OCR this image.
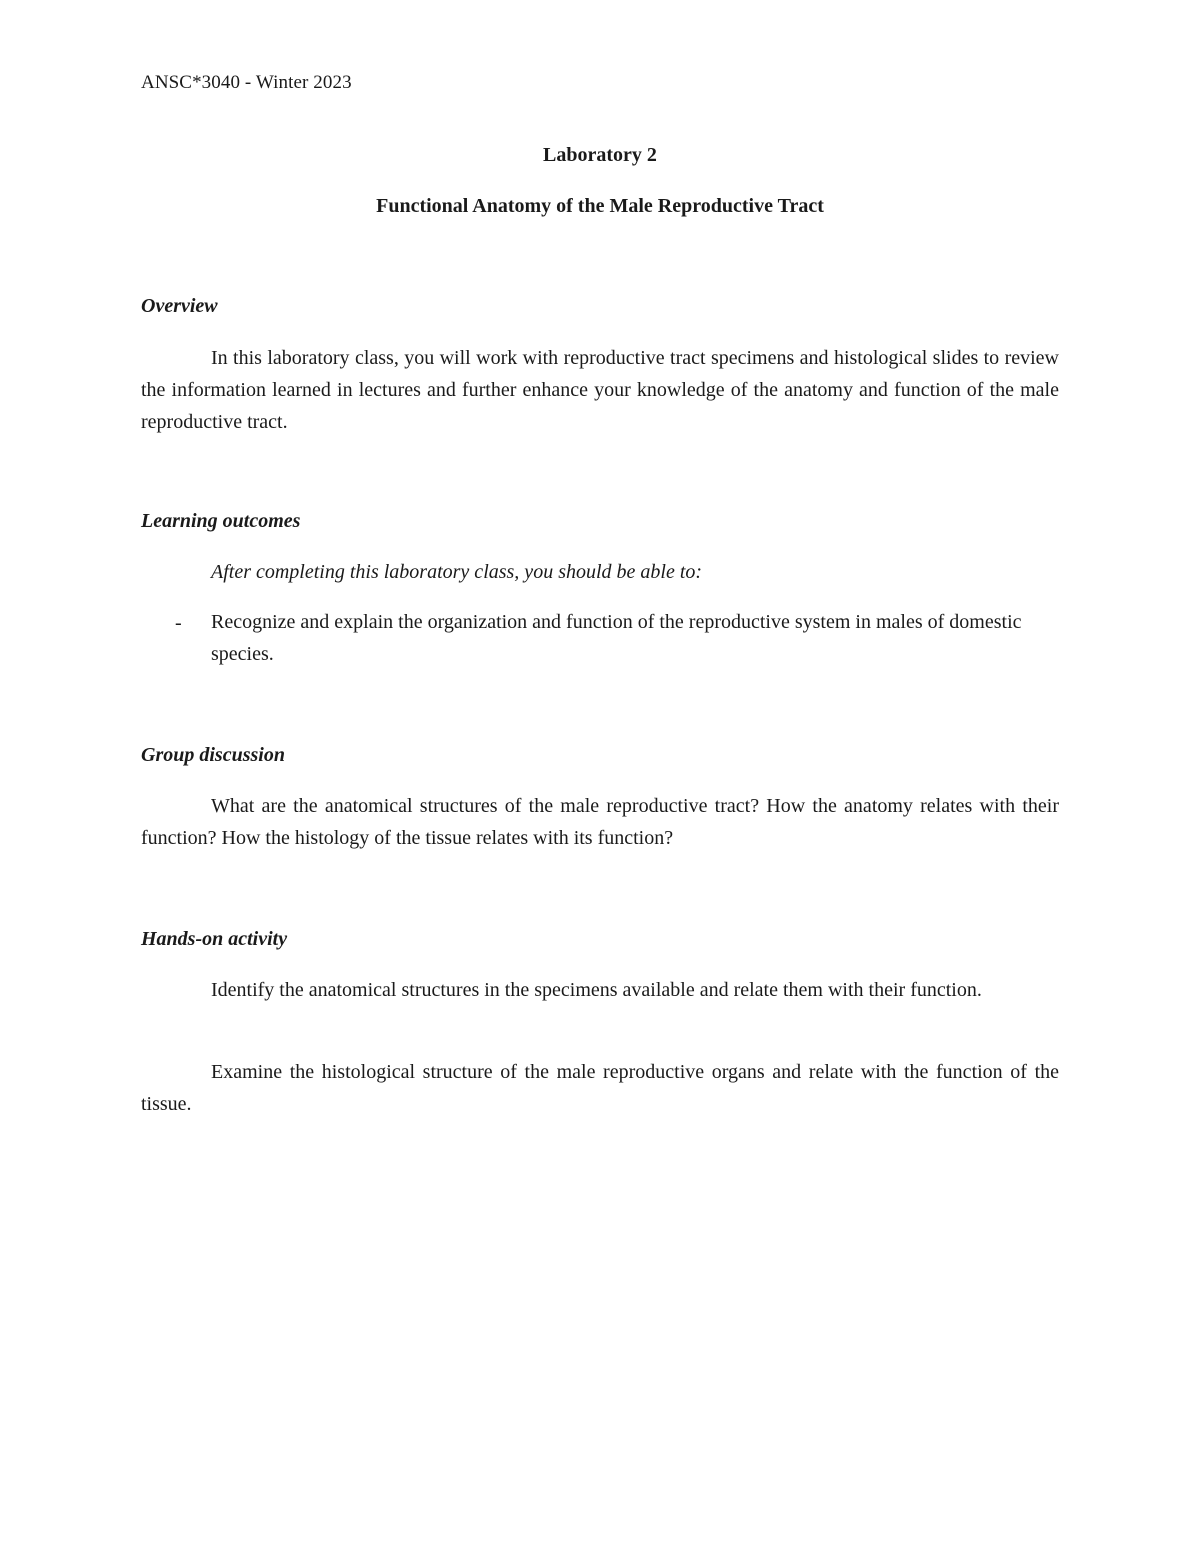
ANSC*3040 - Winter 2023
Laboratory 2
Functional Anatomy of the Male Reproductive Tract
Overview

In this laboratory class, you will work with reproductive tract specimens and histological slides to review the information learned in lectures and further enhance your knowledge of the anatomy and function of the male reproductive tract.

Learning outcomes
After completing this laboratory class, you should be able to:
- Recognize and explain the organization and function of the reproductive system in males of domestic species.

Group discussion

What are the anatomical structures of the male reproductive tract? How the anatomy relates with their function? How the histology of the tissue relates with its function?

Hands-on activity

Identify the anatomical structures in the specimens available and relate them with their function.

Examine the histological structure of the male reproductive organs and relate with the function of the tissue.
